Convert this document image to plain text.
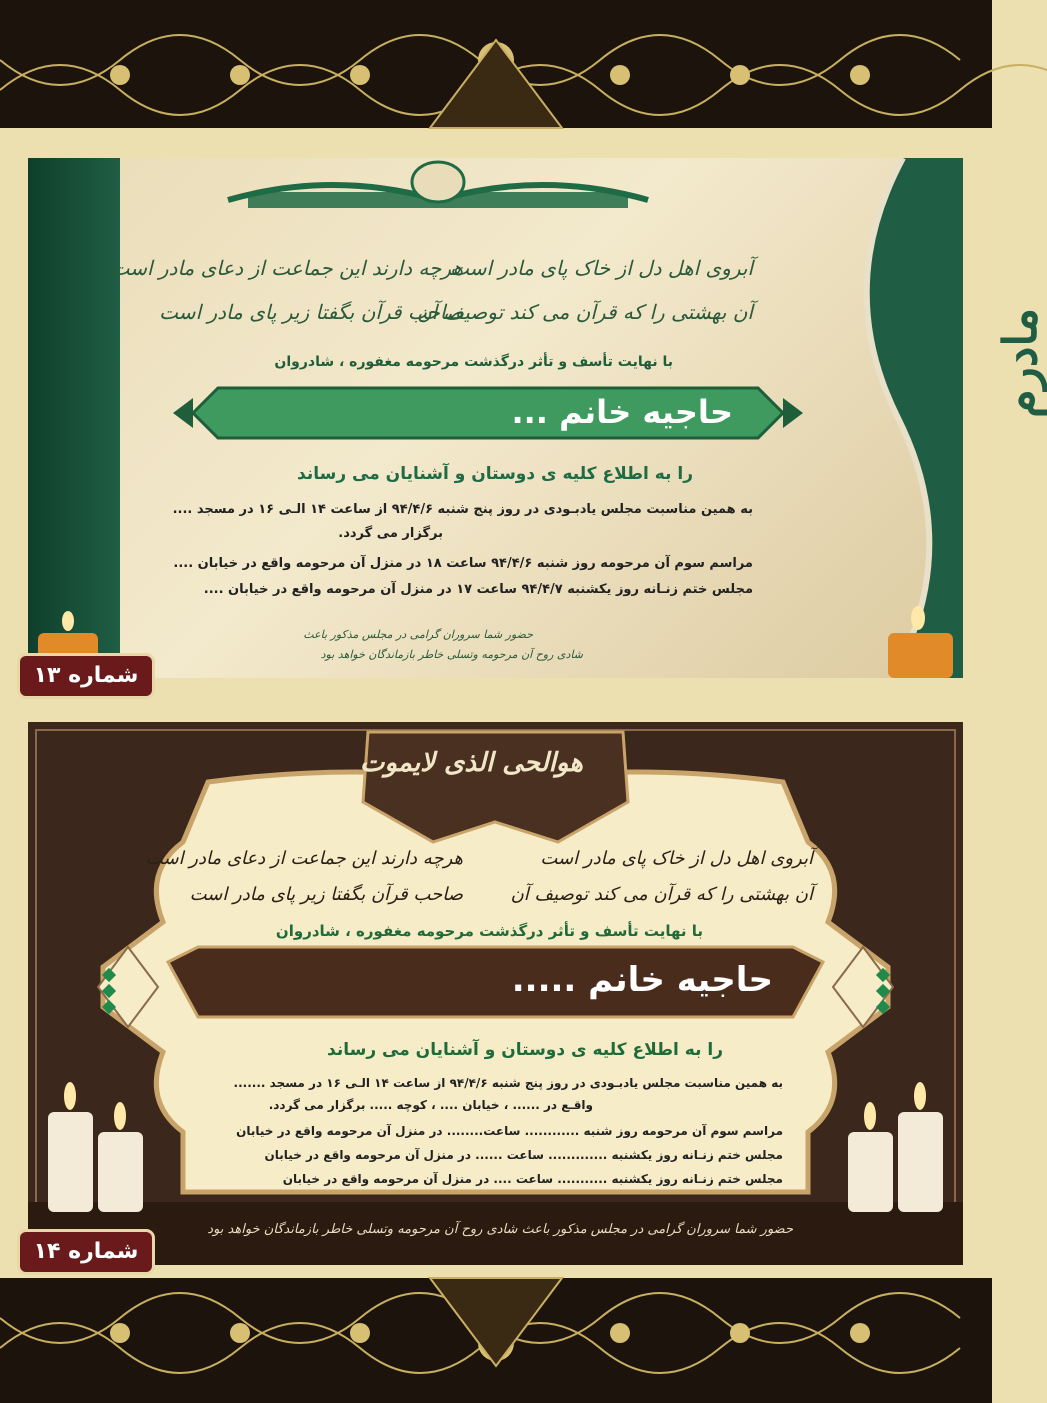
مادرم
آبروی اهل دل از خاک پای مادر است
آن بهشتی را که قرآن می کند توصیف آن
هرچه دارند این جماعت از دعای مادر است
صاحب قرآن بگفتا زیر پای مادر است
با نهایت تأسف و تأثر درگذشت مرحومه مغفوره ، شادروان
حاجیه خانم ...
را به اطلاع کلیه ی دوستان و آشنایان می رساند
به همین مناسبت مجلس یادبـودی در روز پنج شنبه ۹۴/۴/۶ از ساعت ۱۴ الـی ۱۶ در مسجد ....
برگزار می گردد.
مراسم سوم آن مرحومه روز شنبه ۹۴/۴/۶ ساعت ۱۸ در منزل آن مرحومه واقع در خیابان ....
مجلس ختم زنـانه روز یکشنبه ۹۴/۴/۷ ساعت ۱۷ در منزل آن مرحومه واقع در خیابان ....
حضور شما سروران گرامی در مجلس مذکور باعث
شادی روح آن مرحومه وتسلی خاطر بازماندگان خواهد بود
شماره ۱۳
هوالحی الذی لایموت
آبروی اهل دل از خاک پای مادر است
آن بهشتی را که قرآن می کند توصیف آن
هرچه دارند این جماعت از دعای مادر است
صاحب قرآن بگفتا زیر پای مادر است
با نهایت تأسف و تأثر درگذشت مرحومه مغفوره ، شادروان
حاجیه خانم .....
را به اطلاع کلیه ی دوستان و آشنایان می رساند
به همین مناسبت مجلس یادبـودی در روز پنج شنبه ۹۴/۴/۶ از ساعت ۱۴ الـی ۱۶ در مسجد .......
واقـع در ...... ، خیابان .... ، کوچه ..... برگزار می گردد.
مراسم سوم آن مرحومه روز شنبه ............ ساعت........ در منزل آن مرحومه واقع در خیابان
مجلس ختم زنـانه روز یکشنبه ............. ساعت ...... در منزل آن مرحومه واقع در خیابان
مجلس ختم زنـانه روز یکشنبه ........... ساعت .... در منزل آن مرحومه واقع در خیابان
حضور شما سروران گرامی در مجلس مذکور باعث شادی روح آن مرحومه وتسلی خاطر بازماندگان خواهد بود
شماره ۱۴
